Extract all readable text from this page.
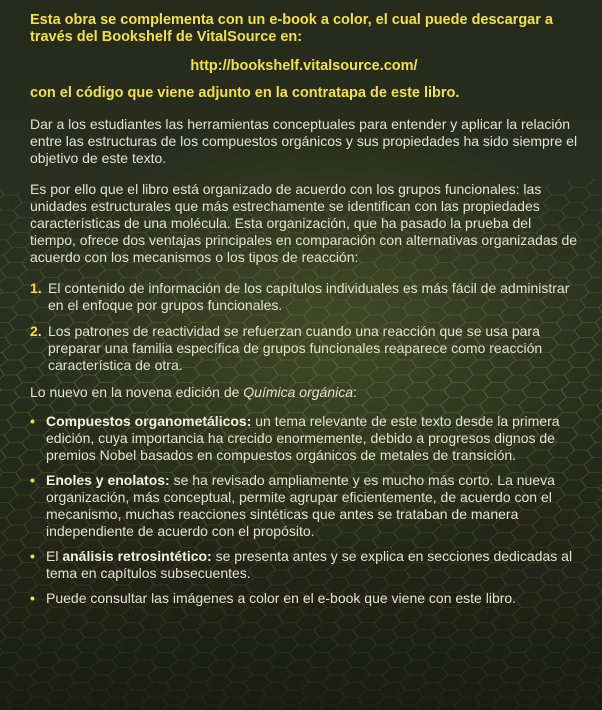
Esta obra se complementa con un e-book a color, el cual puede descargar a través del Bookshelf de VitalSource en:

http://bookshelf.vitalsource.com/

con el código que viene adjunto en la contratapa de este libro.

Dar a los estudiantes las herramientas conceptuales para entender y aplicar la relación entre las estructuras de los compuestos orgánicos y sus propiedades ha sido siempre el objetivo de este texto.

Es por ello que el libro está organizado de acuerdo con los grupos funcionales: las unidades estructurales que más estrechamente se identifican con las propiedades características de una molécula. Esta organización, que ha pasado la prueba del tiempo, ofrece dos ventajas principales en comparación con alternativas organizadas de acuerdo con los mecanismos o los tipos de reacción:

1. El contenido de información de los capítulos individuales es más fácil de administrar en el enfoque por grupos funcionales.
2. Los patrones de reactividad se refuerzan cuando una reacción que se usa para preparar una familia específica de grupos funcionales reaparece como reacción característica de otra.

Lo nuevo en la novena edición de Química orgánica:

• Compuestos organometálicos: un tema relevante de este texto desde la primera edición, cuya importancia ha crecido enormemente, debido a progresos dignos de premios Nobel basados en compuestos orgánicos de metales de transición.
• Enoles y enolatos: se ha revisado ampliamente y es mucho más corto. La nueva organización, más conceptual, permite agrupar eficientemente, de acuerdo con el mecanismo, muchas reacciones sintéticas que antes se trataban de manera independiente de acuerdo con el propósito.
• El análisis retrosintético: se presenta antes y se explica en secciones dedicadas al tema en capítulos subsecuentes.
• Puede consultar las imágenes a color en el e-book que viene con este libro.
